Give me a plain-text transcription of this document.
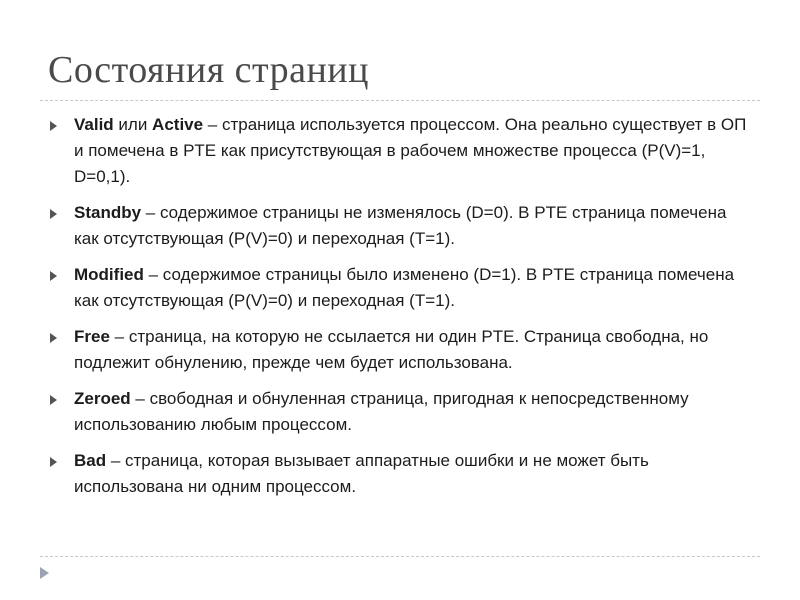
Состояния страниц
Valid или Active – страница используется процессом. Она реально существует в ОП и помечена в PTE как присутствующая в рабочем множестве процесса (P(V)=1, D=0,1).
Standby – содержимое страницы не изменялось (D=0). В PTE страница помечена как отсутствующая (P(V)=0) и переходная (T=1).
Modified – содержимое страницы было изменено (D=1). В PTE страница помечена как отсутствующая (P(V)=0) и переходная (T=1).
Free – страница, на которую не ссылается ни один PTE. Страница свободна, но подлежит обнулению, прежде чем будет использована.
Zeroed – свободная и обнуленная страница, пригодная к непосредственному использованию любым процессом.
Bad – страница, которая вызывает аппаратные ошибки и не может быть использована ни одним процессом.
